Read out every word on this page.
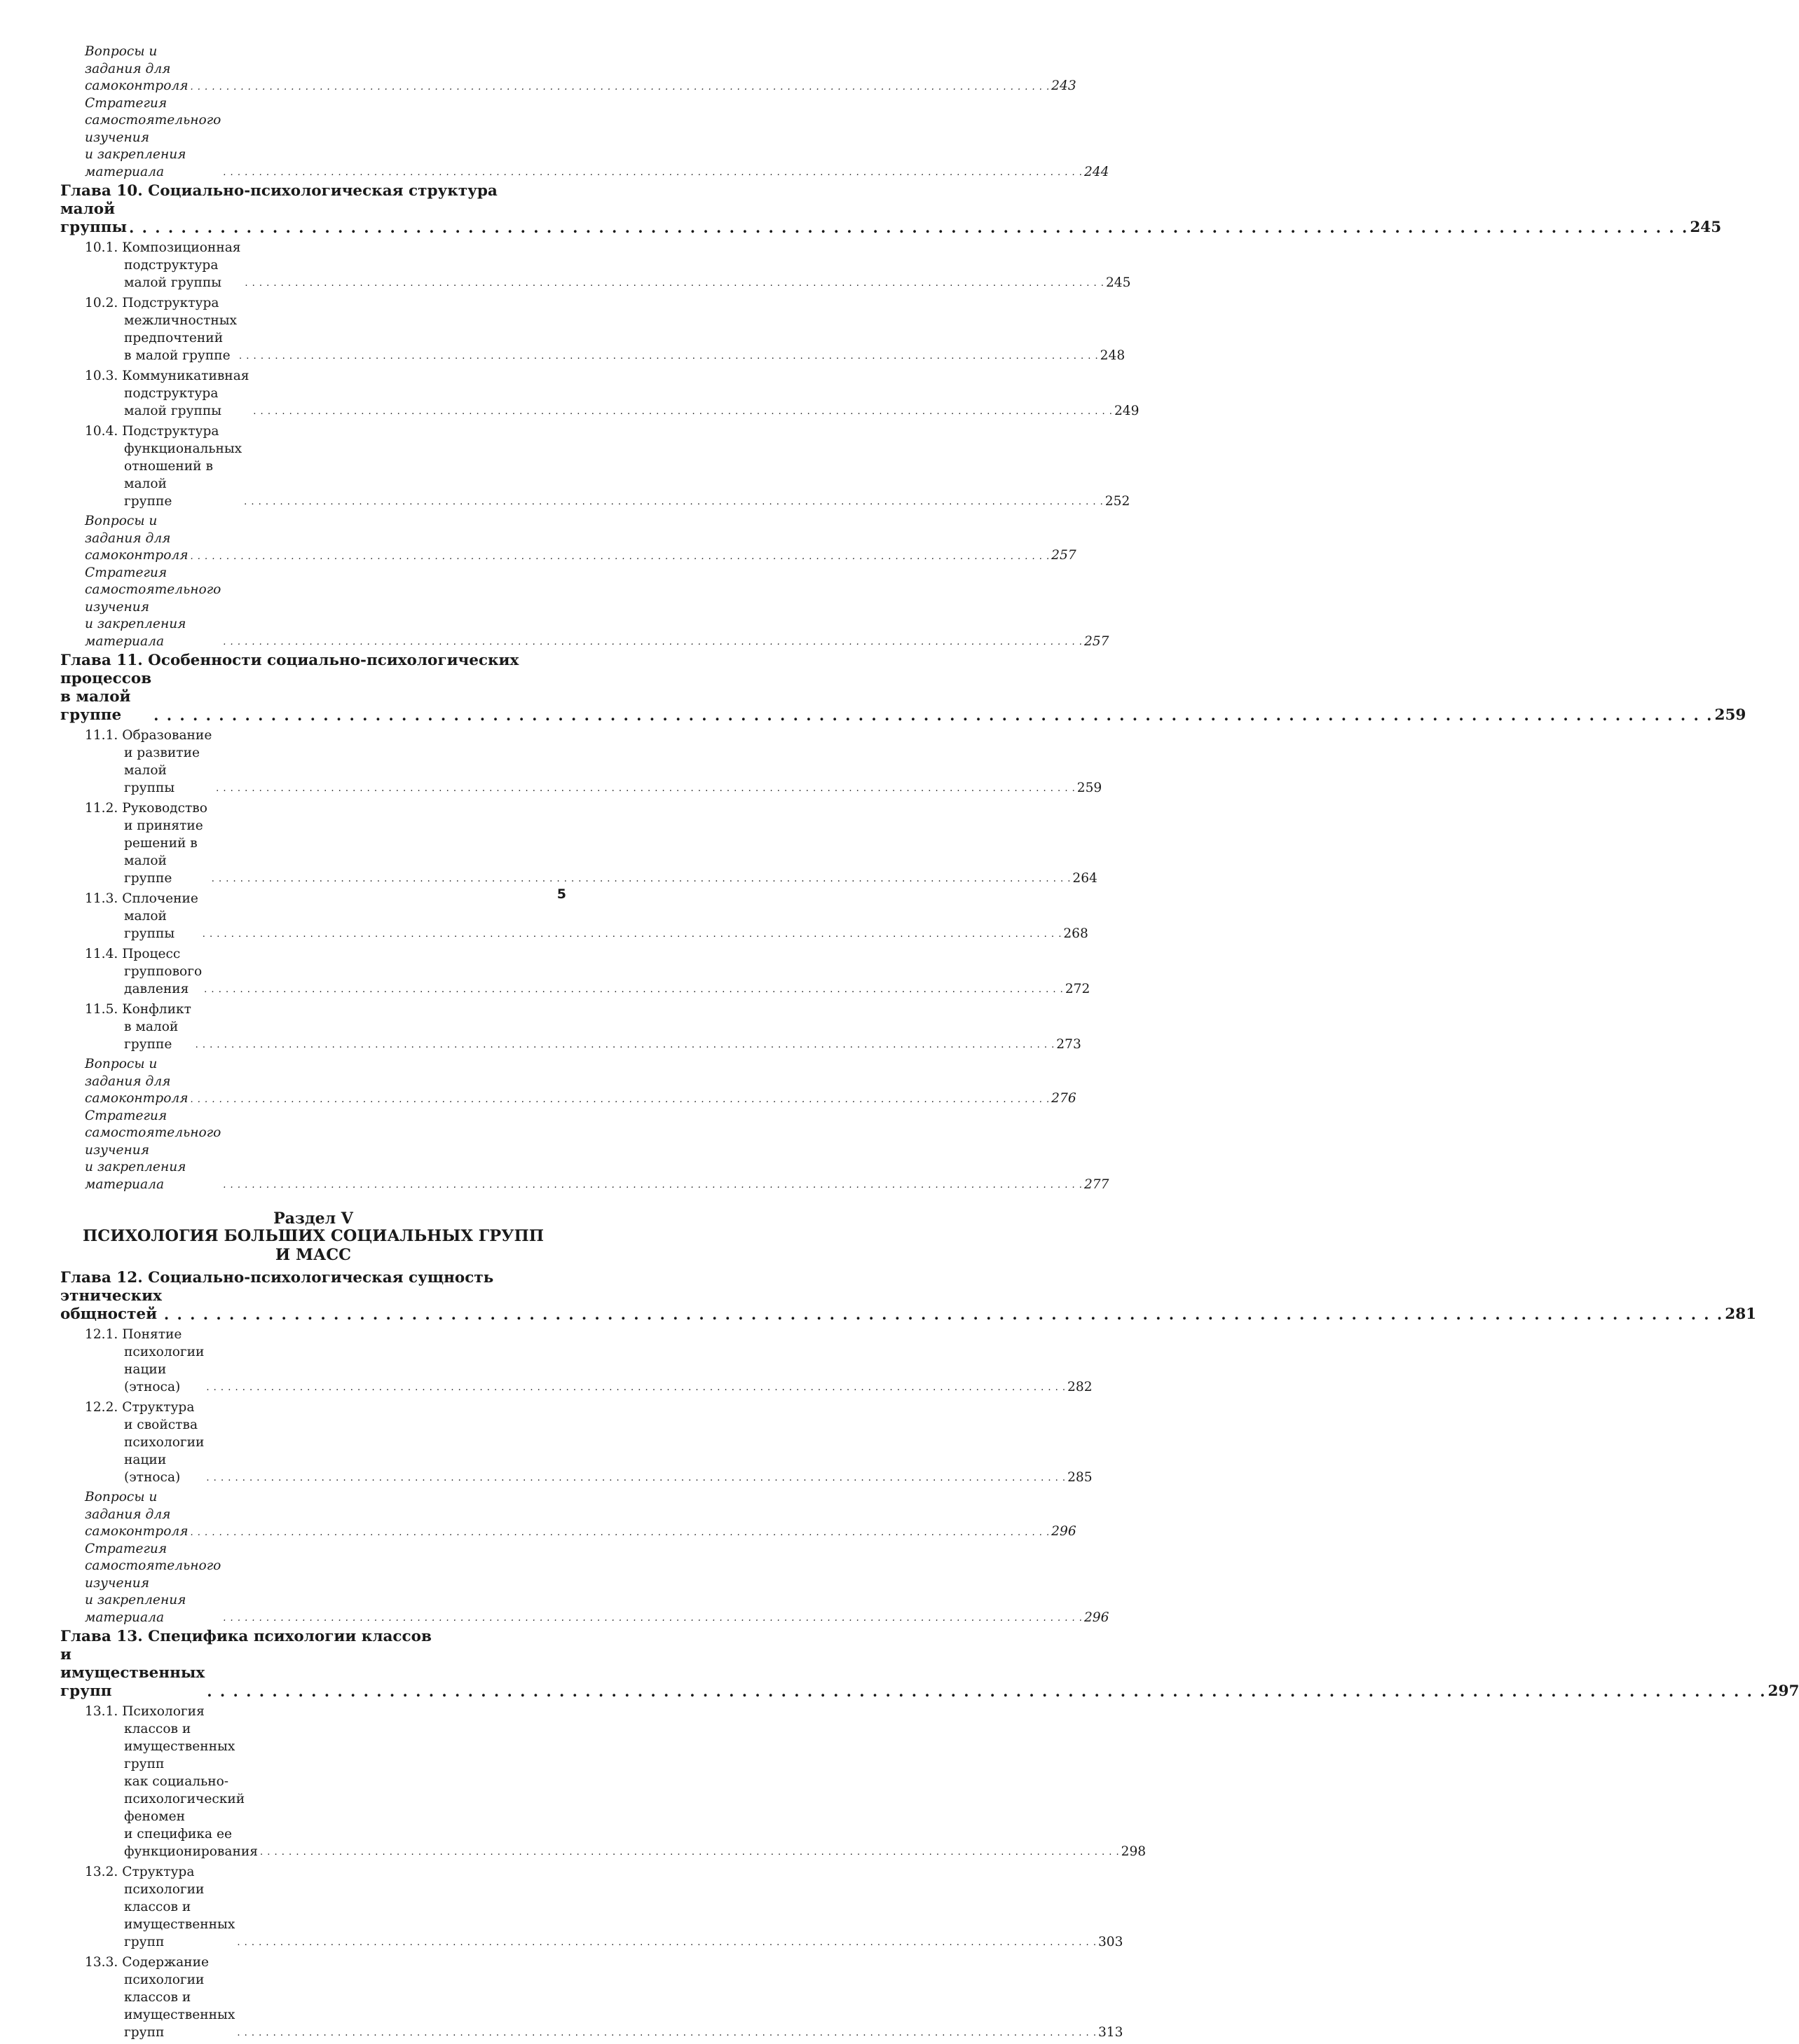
Вопросы и задания для самоконтроля . . . . . . . . . . . . . . . . . . . . . . . . . . . . . . . . . . . . . . . . . . . . . . . . . . . . . . . . . . . . . . . . . . . . . . . . . . . . . . . . . . . . . . . . . . . . . . . . . . . . . . . . . . . . . . . . . . . . . . . . 243
Стратегия самостоятельного изучения
и закрепления материала	. . . . . . . . . . . . . . . . . . . . . . . . . . . . . . . . . . . . . . . . . . . . . . . . . . . . . . . . . . . . . . . . . . . . . . . . . . . . . . . . . . . . . . . . . . . . . . . . . . . . . . . . . . . . . . . . . . . . . . . . 244
Глава 10. Социально-психологическая структура
малой группы . . . . . . . . . . . . . . . . . . . . . . . . . . . . . . . . . . . . . . . . . . . . . . . . . . . . . . . . . . . . . . . . . . . . . . . . . . . . . . . . . . . . . . . . . . . . . . . . . . . . . . . . . . . . . . . . . . . . . . . . 245
10.1. Композиционная подструктура малой группы	. . . . . . . . . . . . . . . . . . . . . . . . . . . . . . . . . . . . . . . . . . . . . . . . . . . . . . . . . . . . . . . . . . . . . . . . . . . . . . . . . . . . . . . . . . . . . . . . . . . . . . . . . . . . . . . . . . . . . . . . 245
10.2. Подструктура межличностных предпочтений
в малой группе . . . . . . . . . . . . . . . . . . . . . . . . . . . . . . . . . . . . . . . . . . . . . . . . . . . . . . . . . . . . . . . . . . . . . . . . . . . . . . . . . . . . . . . . . . . . . . . . . . . . . . . . . . . . . . . . . . . . . . . . 248
10.3. Коммуникативная подструктура малой группы	. . . . . . . . . . . . . . . . . . . . . . . . . . . . . . . . . . . . . . . . . . . . . . . . . . . . . . . . . . . . . . . . . . . . . . . . . . . . . . . . . . . . . . . . . . . . . . . . . . . . . . . . . . . . . . . . . . . . . . . . 249
10.4. Подструктура функциональных отношений в малой
группе	. . . . . . . . . . . . . . . . . . . . . . . . . . . . . . . . . . . . . . . . . . . . . . . . . . . . . . . . . . . . . . . . . . . . . . . . . . . . . . . . . . . . . . . . . . . . . . . . . . . . . . . . . . . . . . . . . . . . . . . . 252
Вопросы и задания для самоконтроля . . . . . . . . . . . . . . . . . . . . . . . . . . . . . . . . . . . . . . . . . . . . . . . . . . . . . . . . . . . . . . . . . . . . . . . . . . . . . . . . . . . . . . . . . . . . . . . . . . . . . . . . . . . . . . . . . . . . . . . . 257
Стратегия самостоятельного изучения
и закрепления материала	. . . . . . . . . . . . . . . . . . . . . . . . . . . . . . . . . . . . . . . . . . . . . . . . . . . . . . . . . . . . . . . . . . . . . . . . . . . . . . . . . . . . . . . . . . . . . . . . . . . . . . . . . . . . . . . . . . . . . . . . 257
Глава 11. Особенности социально-психологических
процессов в малой группе	. . . . . . . . . . . . . . . . . . . . . . . . . . . . . . . . . . . . . . . . . . . . . . . . . . . . . . . . . . . . . . . . . . . . . . . . . . . . . . . . . . . . . . . . . . . . . . . . . . . . . . . . . . . . . . . . . . . . . . . . 259
11.1. Образование и развитие малой группы	. . . . . . . . . . . . . . . . . . . . . . . . . . . . . . . . . . . . . . . . . . . . . . . . . . . . . . . . . . . . . . . . . . . . . . . . . . . . . . . . . . . . . . . . . . . . . . . . . . . . . . . . . . . . . . . . . . . . . . . . 259
11.2. Руководство и принятие решений в малой группе	. . . . . . . . . . . . . . . . . . . . . . . . . . . . . . . . . . . . . . . . . . . . . . . . . . . . . . . . . . . . . . . . . . . . . . . . . . . . . . . . . . . . . . . . . . . . . . . . . . . . . . . . . . . . . . . . . . . . . . . . 264
11.3. Сплочение малой группы	. . . . . . . . . . . . . . . . . . . . . . . . . . . . . . . . . . . . . . . . . . . . . . . . . . . . . . . . . . . . . . . . . . . . . . . . . . . . . . . . . . . . . . . . . . . . . . . . . . . . . . . . . . . . . . . . . . . . . . . . 268
11.4. Процесс группового давления	. . . . . . . . . . . . . . . . . . . . . . . . . . . . . . . . . . . . . . . . . . . . . . . . . . . . . . . . . . . . . . . . . . . . . . . . . . . . . . . . . . . . . . . . . . . . . . . . . . . . . . . . . . . . . . . . . . . . . . . . 272
11.5. Конфликт в малой группе	. . . . . . . . . . . . . . . . . . . . . . . . . . . . . . . . . . . . . . . . . . . . . . . . . . . . . . . . . . . . . . . . . . . . . . . . . . . . . . . . . . . . . . . . . . . . . . . . . . . . . . . . . . . . . . . . . . . . . . . . 273
Вопросы и задания для самоконтроля . . . . . . . . . . . . . . . . . . . . . . . . . . . . . . . . . . . . . . . . . . . . . . . . . . . . . . . . . . . . . . . . . . . . . . . . . . . . . . . . . . . . . . . . . . . . . . . . . . . . . . . . . . . . . . . . . . . . . . . . 276
Стратегия самостоятельного изучения
и закрепления материала	. . . . . . . . . . . . . . . . . . . . . . . . . . . . . . . . . . . . . . . . . . . . . . . . . . . . . . . . . . . . . . . . . . . . . . . . . . . . . . . . . . . . . . . . . . . . . . . . . . . . . . . . . . . . . . . . . . . . . . . . 277
Раздел V
ПСИХОЛОГИЯ БОЛЬШИХ СОЦИАЛЬНЫХ ГРУПП
И МАСС
Глава 12. Социально-психологическая сущность
этнических общностей . . . . . . . . . . . . . . . . . . . . . . . . . . . . . . . . . . . . . . . . . . . . . . . . . . . . . . . . . . . . . . . . . . . . . . . . . . . . . . . . . . . . . . . . . . . . . . . . . . . . . . . . . . . . . . . . . . . . . . . . 281
12.1. Понятие психологии нации (этноса)	. . . . . . . . . . . . . . . . . . . . . . . . . . . . . . . . . . . . . . . . . . . . . . . . . . . . . . . . . . . . . . . . . . . . . . . . . . . . . . . . . . . . . . . . . . . . . . . . . . . . . . . . . . . . . . . . . . . . . . . . 282
12.2. Структура и свойства психологии нации (этноса)	. . . . . . . . . . . . . . . . . . . . . . . . . . . . . . . . . . . . . . . . . . . . . . . . . . . . . . . . . . . . . . . . . . . . . . . . . . . . . . . . . . . . . . . . . . . . . . . . . . . . . . . . . . . . . . . . . . . . . . . . 285
Вопросы и задания для самоконтроля . . . . . . . . . . . . . . . . . . . . . . . . . . . . . . . . . . . . . . . . . . . . . . . . . . . . . . . . . . . . . . . . . . . . . . . . . . . . . . . . . . . . . . . . . . . . . . . . . . . . . . . . . . . . . . . . . . . . . . . . 296
Стратегия самостоятельного изучения
и закрепления материала	. . . . . . . . . . . . . . . . . . . . . . . . . . . . . . . . . . . . . . . . . . . . . . . . . . . . . . . . . . . . . . . . . . . . . . . . . . . . . . . . . . . . . . . . . . . . . . . . . . . . . . . . . . . . . . . . . . . . . . . . 296
Глава 13. Специфика психологии классов
и имущественных групп	. . . . . . . . . . . . . . . . . . . . . . . . . . . . . . . . . . . . . . . . . . . . . . . . . . . . . . . . . . . . . . . . . . . . . . . . . . . . . . . . . . . . . . . . . . . . . . . . . . . . . . . . . . . . . . . . . . . . . . . . 297
13.1. Психология классов и имущественных групп
как социально-психологический феномен
и специфика ее функционирования . . . . . . . . . . . . . . . . . . . . . . . . . . . . . . . . . . . . . . . . . . . . . . . . . . . . . . . . . . . . . . . . . . . . . . . . . . . . . . . . . . . . . . . . . . . . . . . . . . . . . . . . . . . . . . . . . . . . . . . . 298
13.2. Структура психологии классов и имущественных
групп	. . . . . . . . . . . . . . . . . . . . . . . . . . . . . . . . . . . . . . . . . . . . . . . . . . . . . . . . . . . . . . . . . . . . . . . . . . . . . . . . . . . . . . . . . . . . . . . . . . . . . . . . . . . . . . . . . . . . . . . . 303
13.3. Содержание психологии классов и имущественных
групп	. . . . . . . . . . . . . . . . . . . . . . . . . . . . . . . . . . . . . . . . . . . . . . . . . . . . . . . . . . . . . . . . . . . . . . . . . . . . . . . . . . . . . . . . . . . . . . . . . . . . . . . . . . . . . . . . . . . . . . . . 313
5
